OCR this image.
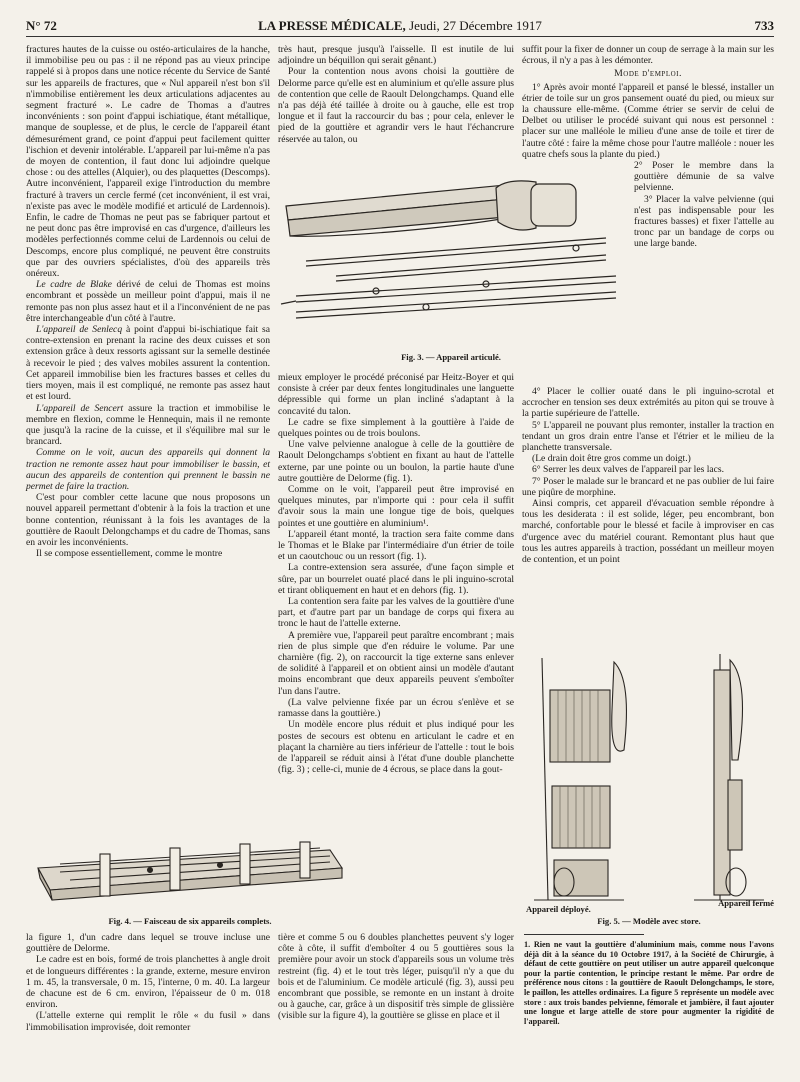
N° 72	LA PRESSE MÉDICALE, Jeudi, 27 Décembre 1917	733

fractures hautes de la cuisse ou ostéo-articulaires de la hanche, il immobilise peu ou pas : il ne répond pas au vieux principe rappelé si à propos dans une notice récente du Service de Santé sur les appareils de fractures, que « Nul appareil n'est bon s'il n'immobilise entièrement les deux articulations adjacentes au segment fracturé ». Le cadre de Thomas a d'autres inconvénients : son point d'appui ischiatique, étant métallique, manque de souplesse, et de plus, le cercle de l'appareil étant démesurément grand, ce point d'appui peut facilement quitter l'ischion et devenir intolérable. L'appareil par lui-même n'a pas de moyen de contention, il faut donc lui adjoindre quelque chose : ou des attelles (Alquier), ou des plaquettes (Descomps). Autre inconvénient, l'appareil exige l'introduction du membre fracturé à travers un cercle fermé (cet inconvénient, il est vrai, n'existe pas avec le modèle modifié et articulé de Lardennois). Enfin, le cadre de Thomas ne peut pas se fabriquer partout et ne peut donc pas être improvisé en cas d'urgence, d'ailleurs les modèles perfectionnés comme celui de Lardennois ou celui de Descomps, encore plus compliqué, ne peuvent être construits que par des ouvriers spécialistes, d'où des appareils très onéreux.

Le cadre de Blake dérivé de celui de Thomas est moins encombrant et possède un meilleur point d'appui, mais il ne remonte pas non plus assez haut et il a l'inconvénient de ne pas être interchangeable d'un côté à l'autre.

L'appareil de Senlecq à point d'appui bi-ischiatique fait sa contre-extension en prenant la racine des deux cuisses et son extension grâce à deux ressorts agissant sur la semelle destinée à recevoir le pied ; des valves mobiles assurent la contention. Cet appareil immobilise bien les fractures basses et celles du tiers moyen, mais il est compliqué, ne remonte pas assez haut et est lourd.

L'appareil de Sencert assure la traction et immobilise le membre en flexion, comme le Hennequin, mais il ne remonte que jusqu'à la racine de la cuisse, et il s'équilibre mal sur le brancard.

Comme on le voit, aucun des appareils qui donnent la traction ne remonte assez haut pour immobiliser le bassin, et aucun des appareils de contention qui prennent le bassin ne permet de faire la traction.

C'est pour combler cette lacune que nous proposons un nouvel appareil permettant d'obtenir à la fois la traction et une bonne contention, réunissant à la fois les avantages de la gouttière de Raoult Delongchamps et du cadre de Thomas, sans en avoir les inconvénients.

Il se compose essentiellement, comme le montre

très haut, presque jusqu'à l'aisselle. Il est inutile de lui adjoindre un béquillon qui serait gênant.)

Pour la contention nous avons choisi la gouttière de Delorme parce qu'elle est en aluminium et qu'elle assure plus de contention que celle de Raoult Delongchamps. Quand elle n'a pas déjà été taillée à droite ou à gauche, elle est trop longue et il faut la raccourcir du bas ; pour cela, enlever le pied de la gouttière et agrandir vers le haut l'échancrure réservée au talon, ou

Fig. 3. — Appareil articulé.

mieux employer le procédé préconisé par Heitz-Boyer et qui consiste à créer par deux fentes longitudinales une languette dépressible qui forme un plan incliné s'adaptant à la concavité du talon.

Le cadre se fixe simplement à la gouttière à l'aide de quelques pointes ou de trois boulons.

Une valve pelvienne analogue à celle de la gouttière de Raoult Delongchamps s'obtient en fixant au haut de l'attelle externe, par une pointe ou un boulon, la partie haute d'une autre gouttière de Delorme (fig. 1).

Comme on le voit, l'appareil peut être improvisé en quelques minutes, par n'importe qui : pour cela il suffit d'avoir sous la main une longue tige de bois, quelques pointes et une gouttière en aluminium¹.

L'appareil étant monté, la traction sera faite comme dans le Thomas et le Blake par l'intermédiaire d'un étrier de toile et un caoutchouc ou un ressort (fig. 1).

La contre-extension sera assurée, d'une façon simple et sûre, par un bourrelet ouaté placé dans le pli inguino-scrotal et tirant obliquement en haut et en dehors (fig. 1).

La contention sera faite par les valves de la gouttière d'une part, et d'autre part par un bandage de corps qui fixera au tronc le haut de l'attelle externe.

A première vue, l'appareil peut paraître encombrant ; mais rien de plus simple que d'en réduire le volume. Par une charnière (fig. 2), on raccourcit la tige externe sans enlever de solidité à l'appareil et on obtient ainsi un modèle d'autant moins encombrant que deux appareils peuvent s'emboîter l'un dans l'autre.

(La valve pelvienne fixée par un écrou s'enlève et se ramasse dans la gouttière.)

Un modèle encore plus réduit et plus indiqué pour les postes de secours est obtenu en articulant le cadre et en plaçant la charnière au tiers inférieur de l'attelle : tout le bois de l'appareil se réduit ainsi à l'état d'une double planchette (fig. 3) ; celle-ci, munie de 4 écrous, se place dans la gout-

Fig. 4. — Faisceau de six appareils complets.

la figure 1, d'un cadre dans lequel se trouve incluse une gouttière de Delorme.

Le cadre est en bois, formé de trois planchettes à angle droit et de longueurs différentes : la grande, externe, mesure environ 1 m. 45, la transversale, 0 m. 15, l'interne, 0 m. 40. La largeur de chacune est de 6 cm. environ, l'épaisseur de 0 m. 018 environ.

(L'attelle externe qui remplit le rôle « du fusil » dans l'immobilisation improvisée, doit remonter

tière et comme 5 ou 6 doubles planchettes peuvent s'y loger côte à côte, il suffit d'emboîter 4 ou 5 gouttières sous la première pour avoir un stock d'appareils sous un volume très restreint (fig. 4) et le tout très léger, puisqu'il n'y a que du bois et de l'aluminium. Ce modèle articulé (fig. 3), aussi peu encombrant que possible, se remonte en un instant à droite ou à gauche, car, grâce à un dispositif très simple de glissière (visible sur la figure 4), la gouttière se glisse en place et il

suffit pour la fixer de donner un coup de serrage à la main sur les écrous, il n'y a pas à les démonter.

Mode d'emploi.

1° Après avoir monté l'appareil et pansé le blessé, installer un étrier de toile sur un gros pansement ouaté du pied, ou mieux sur la chaussure elle-même. (Comme étrier se servir de celui de Delbet ou utiliser le procédé suivant qui nous est personnel : placer sur une malléole le milieu d'une anse de toile et tirer de l'autre côté : faire la même chose pour l'autre malléole : nouer les quatre chefs sous la plante du pied.)

2° Poser le membre dans la gouttière démunie de sa valve pelvienne.

3° Placer la valve pelvienne (qui n'est pas indispensable pour les fractures basses) et fixer l'attelle au tronc par un bandage de corps ou une large bande.

4° Placer le collier ouaté dans le pli inguino-scrotal et accrocher en tension ses deux extrémités au piton qui se trouve à la partie supérieure de l'attelle.

5° L'appareil ne pouvant plus remonter, installer la traction en tendant un gros drain entre l'anse et l'étrier et le milieu de la planchette transversale.

(Le drain doit être gros comme un doigt.)

6° Serrer les deux valves de l'appareil par les lacs.

7° Poser le malade sur le brancard et ne pas oublier de lui faire une piqûre de morphine.

Ainsi compris, cet appareil d'évacuation semble répondre à tous les desiderata : il est solide, léger, peu encombrant, bon marché, confortable pour le blessé et facile à improviser en cas d'urgence avec du matériel courant. Remontant plus haut que tous les autres appareils à traction, possédant un meilleur moyen de contention, et un point

Appareil déployé.
Appareil fermé
Fig. 5. — Modèle avec store.
1. Rien ne vaut la gouttière d'aluminium mais, comme nous l'avons déjà dit à la séance du 10 Octobre 1917, à la Société de Chirurgie, à défaut de cette gouttière on peut utiliser un autre appareil quelconque pour la partie contention, le principe restant le même. Par ordre de préférence nous citons : la gouttière de Raoult Delongchamps, le store, le paillon, les attelles ordinaires. La figure 5 représente un modèle avec store : aux trois bandes pelvienne, fémorale et jambière, il faut ajouter une longue et large attelle de store pour augmenter la rigidité de l'appareil.
